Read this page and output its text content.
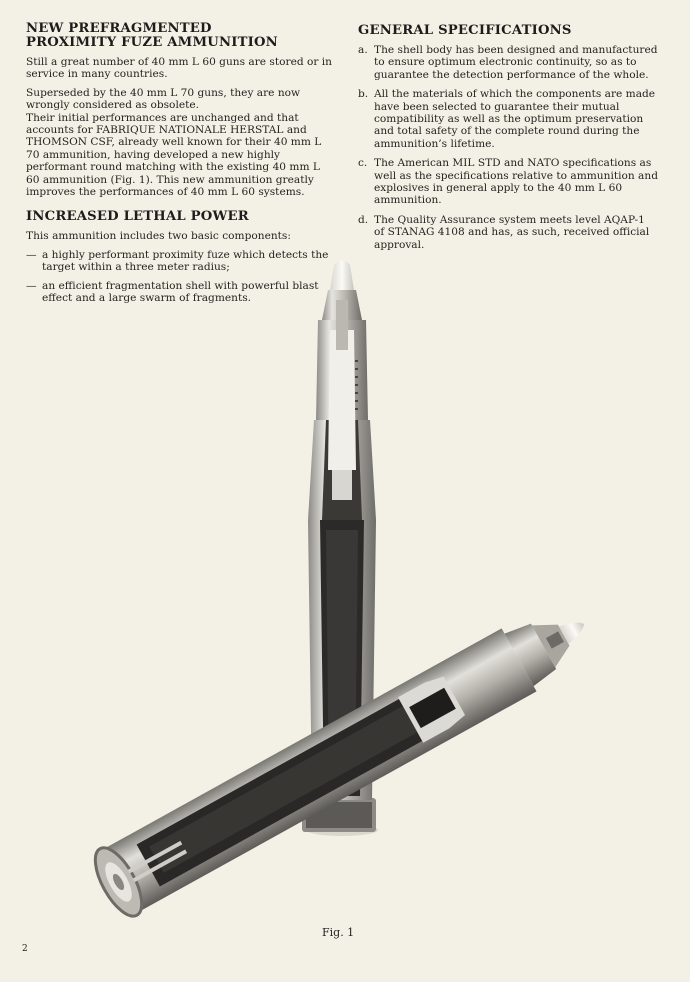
NEW PREFRAGMENTED
PROXIMITY FUZE AMMUNITION

Still a great number of 40 mm L 60 guns are stored or in service in many countries.

Superseded by the 40 mm L 70 guns, they are now wrongly considered as obsolete.

Their initial performances are unchanged and that accounts for FABRIQUE NATIONALE HERSTAL and THOMSON CSF, already well known for their 40 mm L 70 ammunition, having developed a new highly performant round matching with the existing 40 mm L 60 ammunition (Fig. 1). This new ammunition greatly improves the performances of 40 mm L 60 systems.

INCREASED LETHAL POWER

This ammunition includes two basic components:

— a highly performant proximity fuze which detects the target within a three meter radius;
— an efficient fragmentation shell with powerful blast effect and a large swarm of fragments.
GENERAL SPECIFICATIONS
a. The shell body has been designed and manufactured to ensure optimum electronic continuity, so as to guarantee the detection performance of the whole.
b. All the materials of which the components are made have been selected to guarantee their mutual compatibility as well as the optimum preservation and total safety of the complete round during the ammunition’s lifetime.
c. The American MIL STD and NATO specifications as well as the specifications relative to ammunition and explosives in general apply to the 40 mm L 60 ammunition.
d. The Quality Assurance system meets level AQAP-1 of STANAG 4108 and has, as such, received official approval.
Fig. 1
2
